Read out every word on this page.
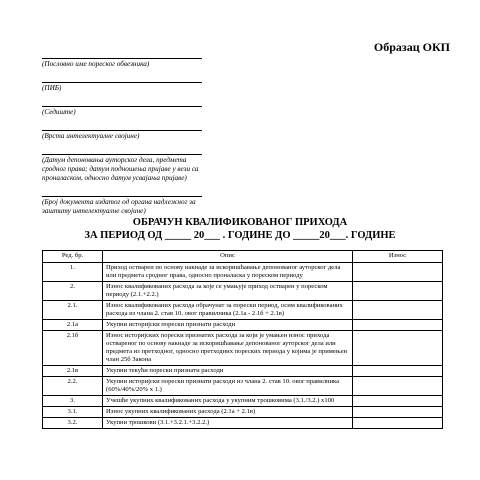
Образац ОКП
(Пословно име пореског обвезника)
(ПИБ)
(Седиште)
(Врста интелектуалне својине)
(Датум депоновања ауторског дела, предмета сродног права; датум подношења пријаве у вези са проналаском, односно датум усвајања пријаве)
(Број документа издатог од органа надлежног за заштиту интелектуалне својине)
ОБРАЧУН КВАЛИФИКОВАНОГ ПРИХОДА
ЗА ПЕРИОД ОД _____ 20___ . ГОДИНЕ ДО _____20___. ГОДИНЕ
Ред. бр.	Опис	Износ
1.	Приход остварен по основу накнаде за искоришћавање депонованог ауторског дела или предмета сродног права, односно проналаска у пореском периоду	
2.	Износ квалификованих расхода за које се умањује приход остварен у пореском периоду (2.1.+2.2.)	
2.1.	Износ квалификованих расхода обрачунат за порески период, осим квалификованих расхода из члана 2. став 10. овог правилника (2.1а - 2.1б + 2.1в)	
2.1а	Укупни историјски порески признати расходи	
2.1б	Износ историјских порески признатих расхода за који је умањен износ прихода оствареног по основу накнаде за искоришћавање депонованог ауторског дела или предмета из претходног, односно претходних пореских периода у којима је примењен члан 25б Закона	
2.1в	Укупни текући порески признати расходи	
2.2.	Укупни историјски порески признати расходи из члана 2. став 10. овог правилника (60%/40%/20% x 1.)	
3.	Учешће укупних квалификованих расхода у укупним трошковима (3.1./3.2.) x100	
3.1.	Износ укупних квалификованих расхода (2.1а + 2.1в)	
3.2.	Укупни трошкови (3.1.+3.2.1.+3.2.2.)	
